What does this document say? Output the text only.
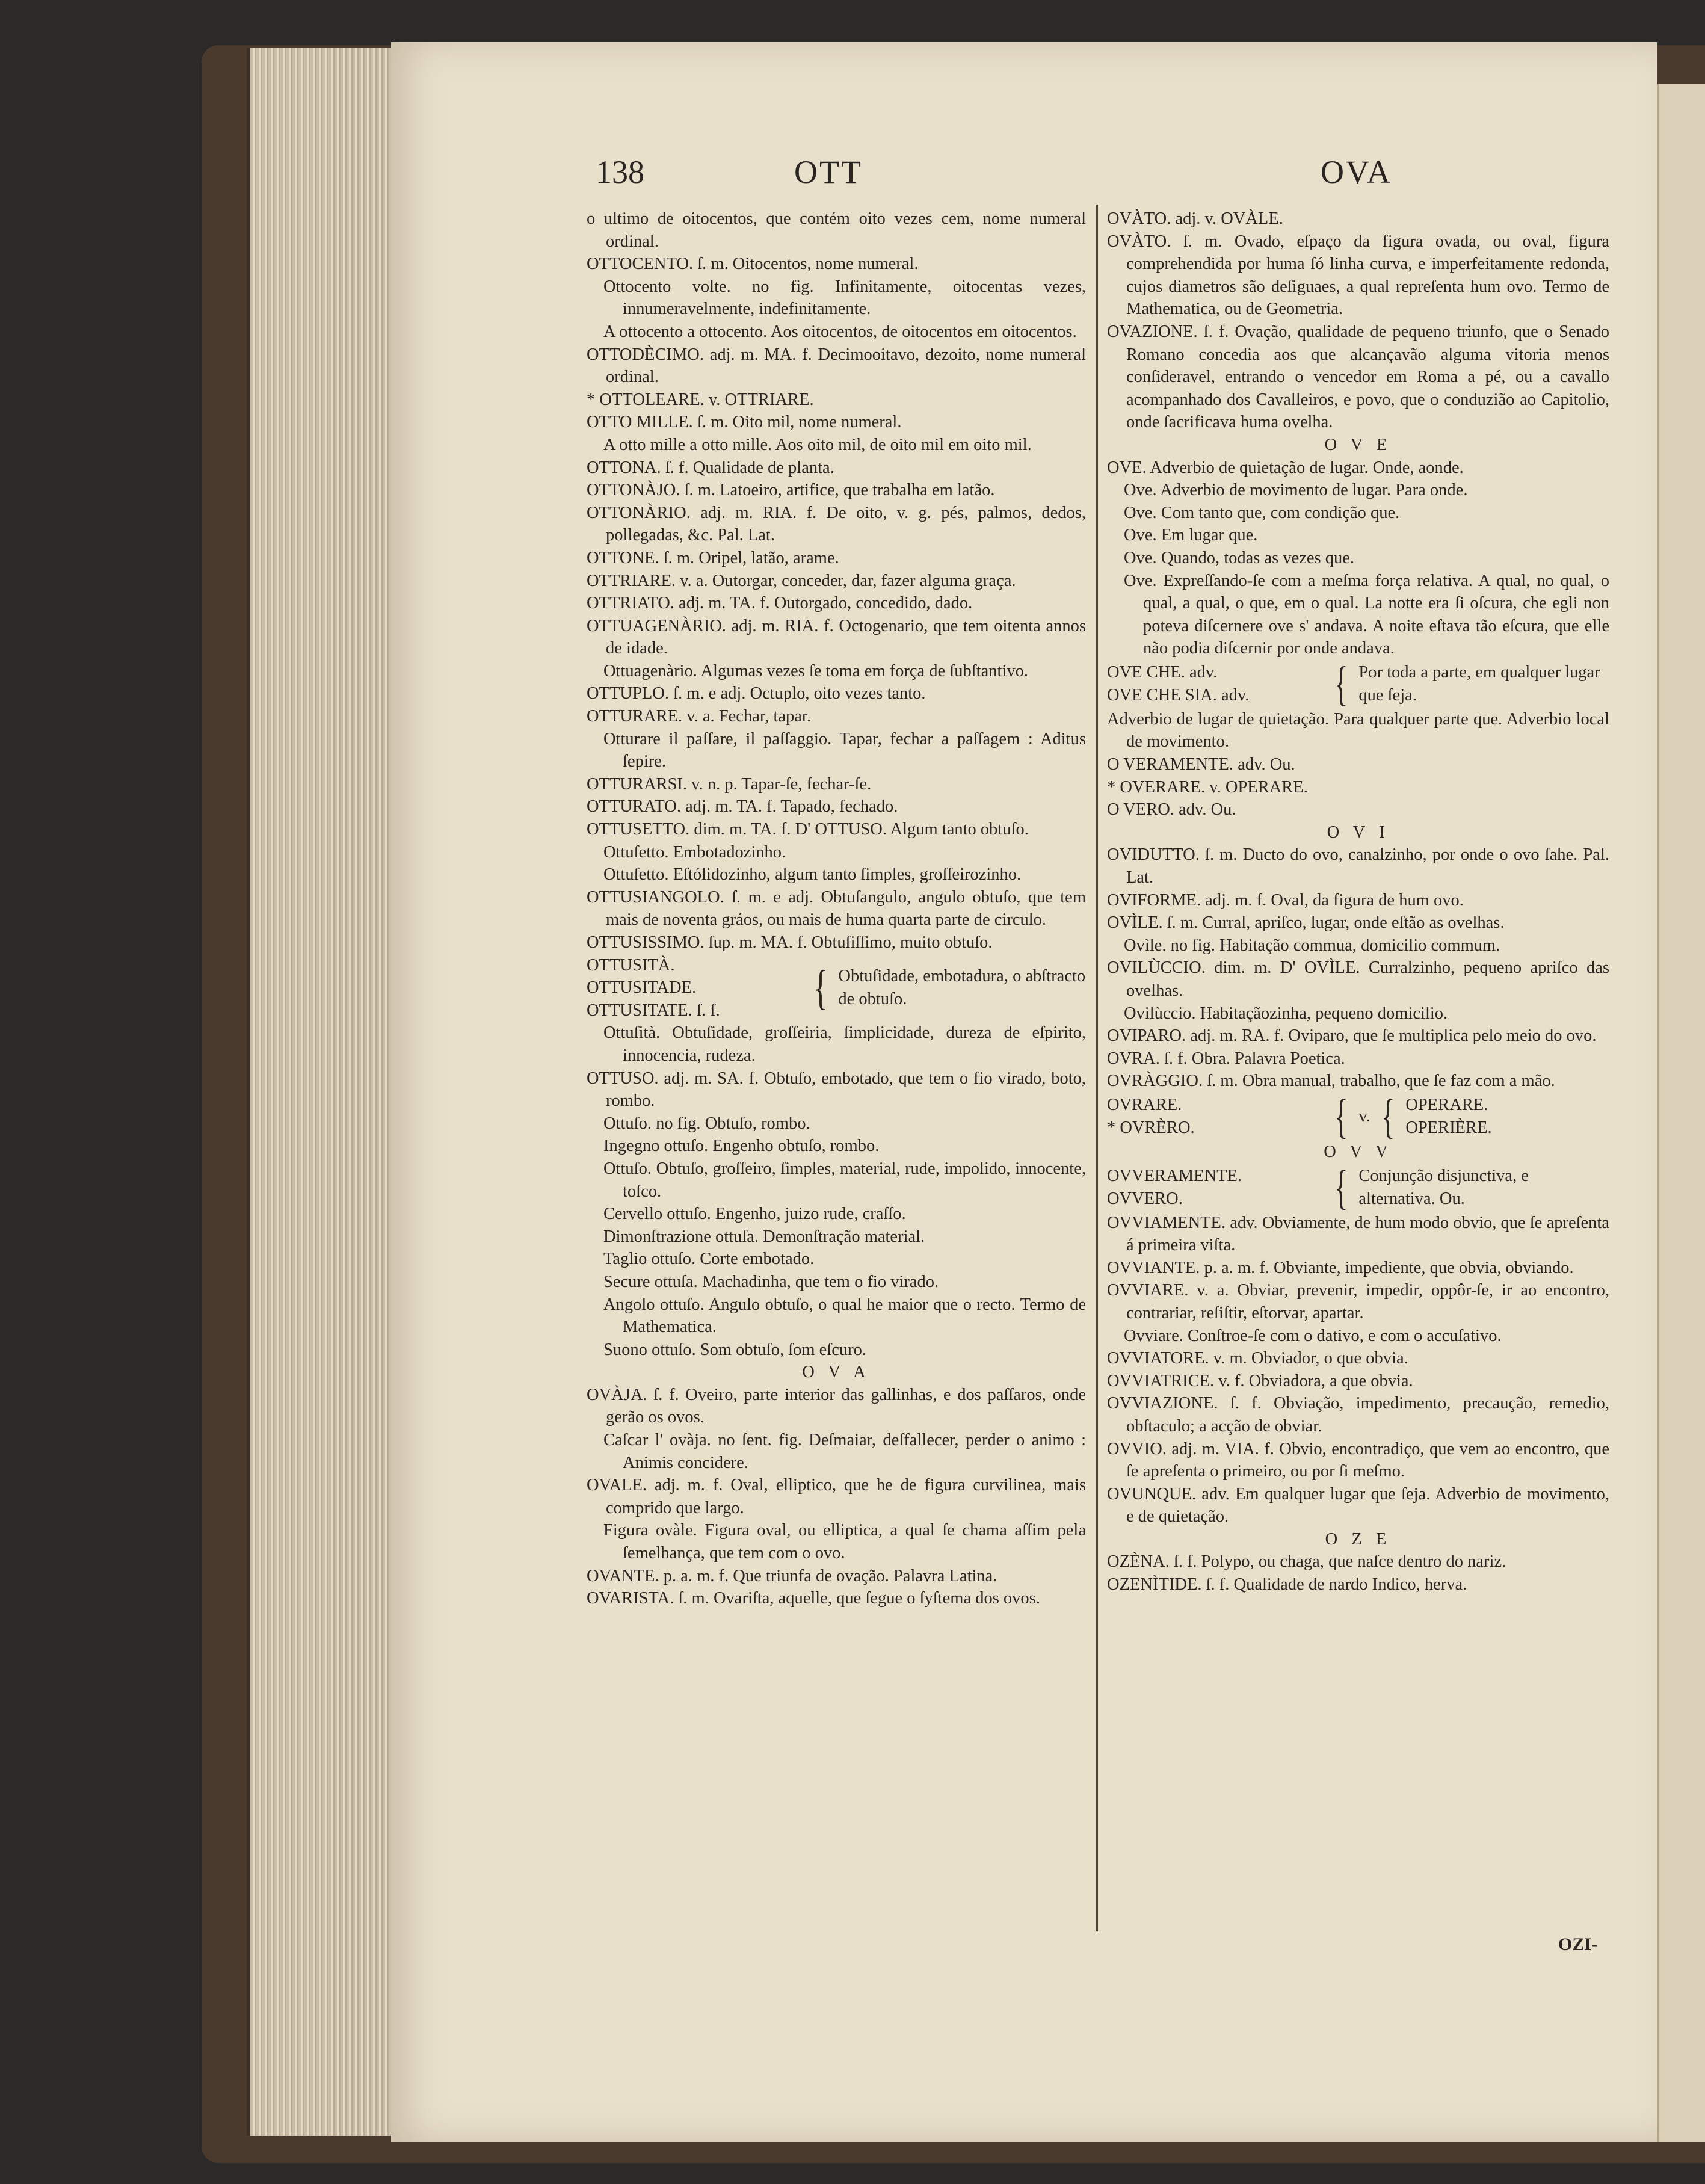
138	OTT	OVA

o ultimo de oitocentos, que contém oito vezes cem, nome numeral ordinal.

OTTOCENTO. ſ. m. Oitocentos, nome numeral.

Ottocento volte. no fig. Infinitamente, oitocentas vezes, innumeravelmente, indefinitamente.

A ottocento a ottocento. Aos oitocentos, de oitocentos em oitocentos.

OTTODÈCIMO. adj. m. MA. f. Decimooitavo, dezoito, nome numeral ordinal.

* OTTOLEARE. v. OTTRIARE.

OTTO MILLE. ſ. m. Oito mil, nome numeral.

A otto mille a otto mille. Aos oito mil, de oito mil em oito mil.

OTTONA. ſ. f. Qualidade de planta.

OTTONÀJO. ſ. m. Latoeiro, artifice, que trabalha em latão.

OTTONÀRIO. adj. m. RIA. f. De oito, v. g. pés, palmos, dedos, pollegadas, &c. Pal. Lat.

OTTONE. ſ. m. Oripel, latão, arame.

OTTRIARE. v. a. Outorgar, conceder, dar, fazer alguma graça.

OTTRIATO. adj. m. TA. f. Outorgado, concedido, dado.

OTTUAGENÀRIO. adj. m. RIA. f. Octogenario, que tem oitenta annos de idade.

Ottuagenàrio. Algumas vezes ſe toma em força de ſubſtantivo.

OTTUPLO. ſ. m. e adj. Octuplo, oito vezes tanto.

OTTURARE. v. a. Fechar, tapar.

Otturare il paſſare, il paſſaggio. Tapar, fechar a paſſagem : Aditus ſepire.

OTTURARSI. v. n. p. Tapar-ſe, fechar-ſe.

OTTURATO. adj. m. TA. f. Tapado, fechado.

OTTUSETTO. dim. m. TA. f. D' OTTUSO. Algum tanto obtuſo.

Ottuſetto. Embotadozinho.

Ottuſetto. Eſtólidozinho, algum tanto ſimples, groſſeirozinho.

OTTUSIANGOLO. ſ. m. e adj. Obtuſangulo, angulo obtuſo, que tem mais de noventa gráos, ou mais de huma quarta parte de circulo.

OTTUSISSIMO. ſup. m. MA. f. Obtuſiſſimo, muito obtuſo.

OTTUSITÀ.
OTTUSITADE.
OTTUSITATE. ſ. f.	{ Obtuſidade, embotadura, o abſtracto de obtuſo.

Ottuſità. Obtuſidade, groſſeiria, ſimplicidade, dureza de eſpirito, innocencia, rudeza.

OTTUSO. adj. m. SA. f. Obtuſo, embotado, que tem o fio virado, boto, rombo.

Ottuſo. no fig. Obtuſo, rombo.

Ingegno ottuſo. Engenho obtuſo, rombo.

Ottuſo. Obtuſo, groſſeiro, ſimples, material, rude, impolido, innocente, toſco.

Cervello ottuſo. Engenho, juizo rude, craſſo.

Dimonſtrazione ottuſa. Demonſtração material.

Taglio ottuſo. Corte embotado.

Secure ottuſa. Machadinha, que tem o fio virado.

Angolo ottuſo. Angulo obtuſo, o qual he maior que o recto. Termo de Mathematica.

Suono ottuſo. Som obtuſo, ſom eſcuro.

O V A

OVÀJA. ſ. f. Oveiro, parte interior das gallinhas, e dos paſſaros, onde gerão os ovos.

Caſcar l' ovàja. no ſent. fig. Deſmaiar, deſfallecer, perder o animo : Animis concidere.

OVALE. adj. m. f. Oval, elliptico, que he de figura curvilinea, mais comprido que largo.

Figura ovàle. Figura oval, ou elliptica, a qual ſe chama aſſim pela ſemelhança, que tem com o ovo.

OVANTE. p. a. m. f. Que triunfa de ovação. Palavra Latina.

OVARISTA. ſ. m. Ovariſta, aquelle, que ſegue o ſyſtema dos ovos.

OVÀTO. adj. v. OVÀLE.

OVÀTO. ſ. m. Ovado, eſpaço da figura ovada, ou oval, figura comprehendida por huma ſó linha curva, e imperfeitamente redonda, cujos diametros são deſiguaes, a qual repreſenta hum ovo. Termo de Mathematica, ou de Geometria.

OVAZIONE. ſ. f. Ovação, qualidade de pequeno triunfo, que o Senado Romano concedia aos que alcançavão alguma vitoria menos conſideravel, entrando o vencedor em Roma a pé, ou a cavallo acompanhado dos Cavalleiros, e povo, que o conduzião ao Capitolio, onde ſacrificava huma ovelha.

O V E

OVE. Adverbio de quietação de lugar. Onde, aonde.

Ove. Adverbio de movimento de lugar. Para onde.

Ove. Com tanto que, com condição que.

Ove. Em lugar que.

Ove. Quando, todas as vezes que.

Ove. Expreſſando-ſe com a meſma força relativa. A qual, no qual, o qual, a qual, o que, em o qual. La notte era ſi oſcura, che egli non poteva diſcernere ove s' andava. A noite eſtava tão eſcura, que elle não podia diſcernir por onde andava.

OVE CHE. adv.
OVE CHE SIA. adv.	{ Por toda a parte, em qualquer lugar que ſeja.

Adverbio de lugar de quietação. Para qualquer parte que. Adverbio local de movimento.

O VERAMENTE. adv. Ou.

* OVERARE. v. OPERARE.

O VERO. adv. Ou.

O V I

OVIDUTTO. ſ. m. Ducto do ovo, canalzinho, por onde o ovo ſahe. Pal. Lat.

OVIFORME. adj. m. f. Oval, da figura de hum ovo.

OVÌLE. ſ. m. Curral, apriſco, lugar, onde eſtão as ovelhas.

Ovìle. no fig. Habitação commua, domicilio commum.

OVILÙCCIO. dim. m. D' OVÌLE. Curralzinho, pequeno apriſco das ovelhas.

Ovilùccio. Habitaçãozinha, pequeno domicilio.

OVIPARO. adj. m. RA. f. Oviparo, que ſe multiplica pelo meio do ovo.

OVRA. ſ. f. Obra. Palavra Poetica.

OVRÀGGIO. ſ. m. Obra manual, trabalho, que ſe faz com a mão.

OVRARE.
* OVRÈRO.	{ v. { OPERARE.
OPERIÈRE.

O V V

OVVERAMENTE.
OVVERO.	{ Conjunção disjunctiva, e alternativa. Ou.

OVVIAMENTE. adv. Obviamente, de hum modo obvio, que ſe apreſenta á primeira viſta.

OVVIANTE. p. a. m. f. Obviante, impediente, que obvia, obviando.

OVVIARE. v. a. Obviar, prevenir, impedir, oppôr-ſe, ir ao encontro, contrariar, reſiſtir, eſtorvar, apartar.

Ovviare. Conſtroe-ſe com o dativo, e com o accuſativo.

OVVIATORE. v. m. Obviador, o que obvia.

OVVIATRICE. v. f. Obviadora, a que obvia.

OVVIAZIONE. ſ. f. Obviação, impedimento, precaução, remedio, obſtaculo; a acção de obviar.

OVVIO. adj. m. VIA. f. Obvio, encontradiço, que vem ao encontro, que ſe apreſenta o primeiro, ou por ſi meſmo.

OVUNQUE. adv. Em qualquer lugar que ſeja. Adverbio de movimento, e de quietação.

O Z E

OZÈNA. ſ. f. Polypo, ou chaga, que naſce dentro do nariz.

OZENÌTIDE. ſ. f. Qualidade de nardo Indico, herva.

OZI-
